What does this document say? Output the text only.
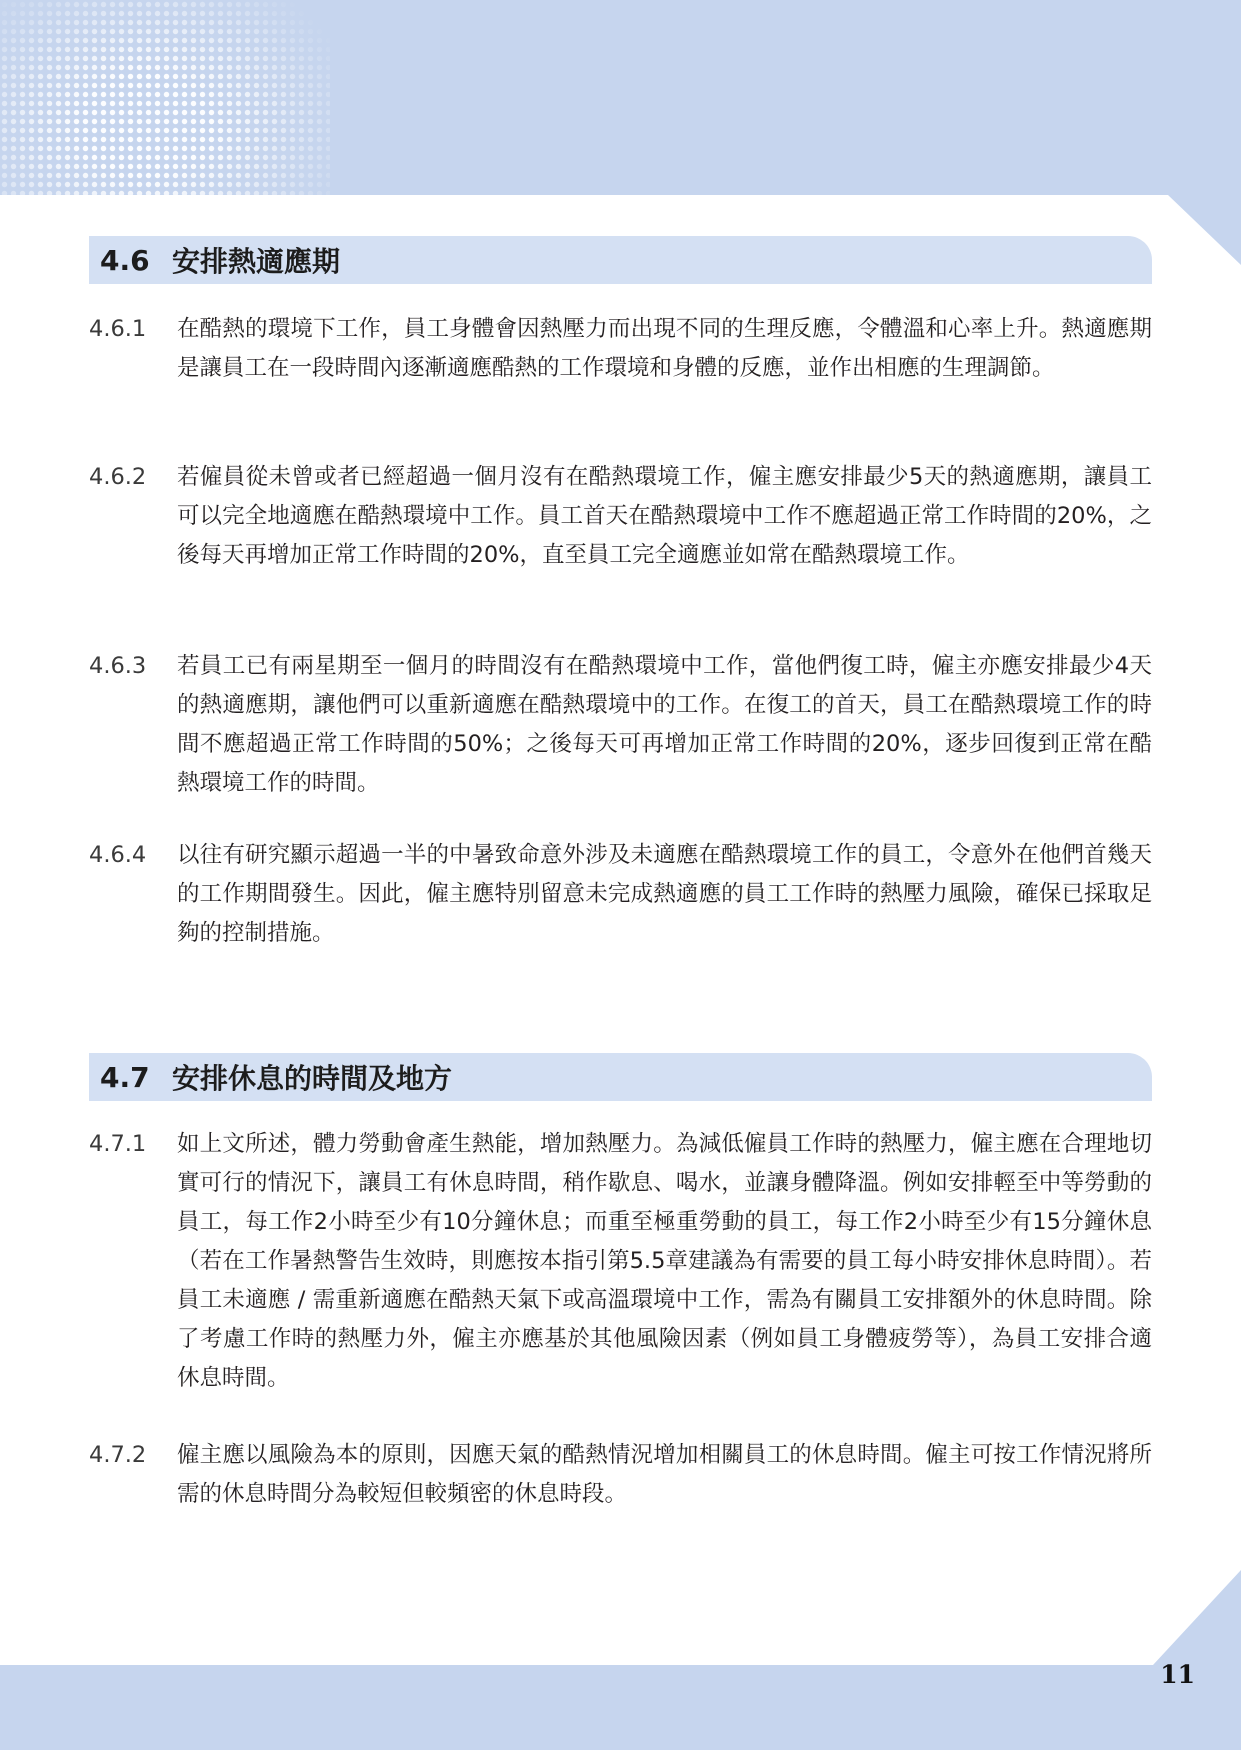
4.6 安排熱適應期
4.6.1	在酷熱的環境下工作，員工身體會因熱壓力而出現不同的生理反應，令體溫和心率上升。熱適應期是讓員工在一段時間內逐漸適應酷熱的工作環境和身體的反應，並作出相應的生理調節。
4.6.2	若僱員從未曾或者已經超過一個月沒有在酷熱環境工作，僱主應安排最少5天的熱適應期，讓員工可以完全地適應在酷熱環境中工作。員工首天在酷熱環境中工作不應超過正常工作時間的20%，之後每天再增加正常工作時間的20%，直至員工完全適應並如常在酷熱環境工作。
4.6.3	若員工已有兩星期至一個月的時間沒有在酷熱環境中工作，當他們復工時，僱主亦應安排最少4天的熱適應期，讓他們可以重新適應在酷熱環境中的工作。在復工的首天，員工在酷熱環境工作的時間不應超過正常工作時間的50%；之後每天可再增加正常工作時間的20%，逐步回復到正常在酷熱環境工作的時間。
4.6.4	以往有研究顯示超過一半的中暑致命意外涉及未適應在酷熱環境工作的員工，令意外在他們首幾天的工作期間發生。因此，僱主應特別留意未完成熱適應的員工工作時的熱壓力風險，確保已採取足夠的控制措施。
4.7 安排休息的時間及地方
4.7.1	如上文所述，體力勞動會產生熱能，增加熱壓力。為減低僱員工作時的熱壓力，僱主應在合理地切實可行的情況下，讓員工有休息時間，稍作歇息、喝水，並讓身體降溫。例如安排輕至中等勞動的員工，每工作2小時至少有10分鐘休息；而重至極重勞動的員工，每工作2小時至少有15分鐘休息（若在工作暑熱警告生效時，則應按本指引第5.5章建議為有需要的員工每小時安排休息時間）。若員工未適應 / 需重新適應在酷熱天氣下或高溫環境中工作，需為有關員工安排額外的休息時間。除了考慮工作時的熱壓力外，僱主亦應基於其他風險因素（例如員工身體疲勞等），為員工安排合適休息時間。
4.7.2	僱主應以風險為本的原則，因應天氣的酷熱情況增加相關員工的休息時間。僱主可按工作情況將所需的休息時間分為較短但較頻密的休息時段。
11
